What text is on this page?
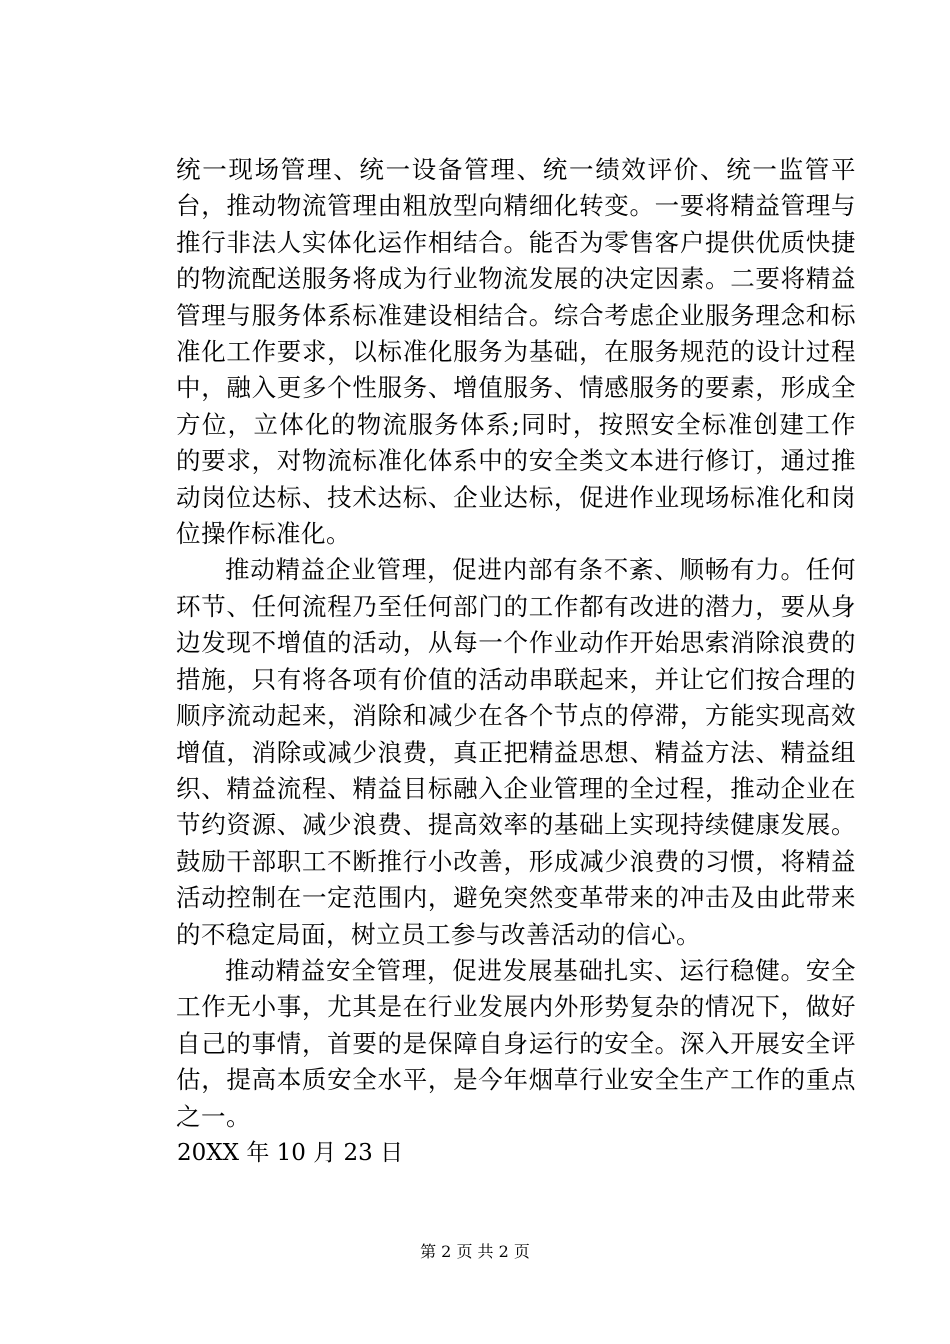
统一现场管理、统一设备管理、统一绩效评价、统一监管平台，推动物流管理由粗放型向精细化转变。一要将精益管理与推行非法人实体化运作相结合。能否为零售客户提供优质快捷的物流配送服务将成为行业物流发展的决定因素。二要将精益管理与服务体系标准建设相结合。综合考虑企业服务理念和标准化工作要求，以标准化服务为基础，在服务规范的设计过程中，融入更多个性服务、增值服务、情感服务的要素，形成全方位，立体化的物流服务体系;同时，按照安全标准创建工作的要求，对物流标准化体系中的安全类文本进行修订，通过推动岗位达标、技术达标、企业达标，促进作业现场标准化和岗位操作标准化。

推动精益企业管理，促进内部有条不紊、顺畅有力。任何环节、任何流程乃至任何部门的工作都有改进的潜力，要从身边发现不增值的活动，从每一个作业动作开始思索消除浪费的措施，只有将各项有价值的活动串联起来，并让它们按合理的顺序流动起来，消除和减少在各个节点的停滞，方能实现高效增值，消除或减少浪费，真正把精益思想、精益方法、精益组织、精益流程、精益目标融入企业管理的全过程，推动企业在节约资源、减少浪费、提高效率的基础上实现持续健康发展。鼓励干部职工不断推行小改善，形成减少浪费的习惯，将精益活动控制在一定范围内，避免突然变革带来的冲击及由此带来的不稳定局面，树立员工参与改善活动的信心。

推动精益安全管理，促进发展基础扎实、运行稳健。安全工作无小事，尤其是在行业发展内外形势复杂的情况下，做好自己的事情，首要的是保障自身运行的安全。深入开展安全评估，提高本质安全水平，是今年烟草行业安全生产工作的重点之一。

20XX 年 10 月 23 日

第 2 页 共 2 页
